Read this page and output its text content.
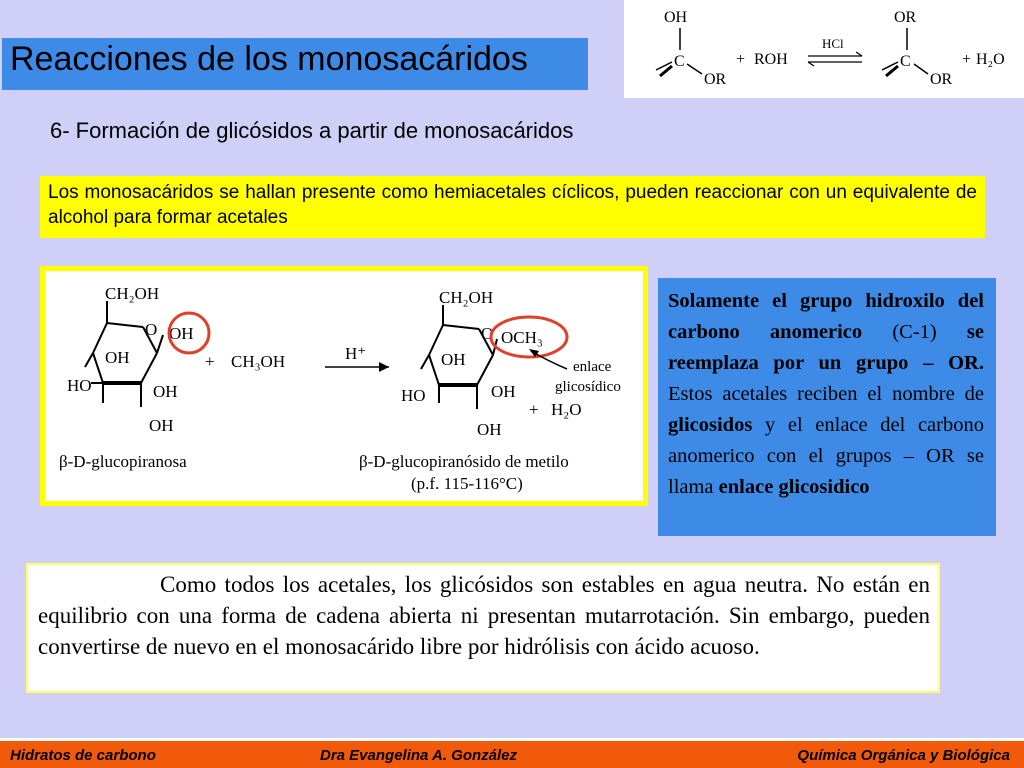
Reacciones de los monosacáridos
OH
C
OR
+ ROH
HCl
OR
C
OR
+ H₂O
6- Formación de glicósidos a partir de monosacáridos
Los monosacáridos se hallan presente como hemiacetales cíclicos, pueden reaccionar con un equivalente de alcohol para formar acetales
CH₂OH
O OH
OH
HO	OH
OH
+ CH₃OH	H⁺
CH₂OH
O OCH₃
OH
HO	OH
OH
+ H₂O
enlace
glicosídico
β-D-glucopiranosa	β-D-glucopiranósido de metilo
(p.f. 115-116°C)
Solamente el grupo hidroxilo del carbono anomerico (C-1) se reemplaza por un grupo – OR. Estos acetales reciben el nombre de glicosidos y el enlace del carbono anomerico con el grupos – OR se llama enlace glicosidico
Como todos los acetales, los glicósidos son estables en agua neutra. No están en equilibrio con una forma de cadena abierta ni presentan mutarrotación. Sin embargo, pueden convertirse de nuevo en el monosacárido libre por hidrólisis con ácido acuoso.
Hidratos de carbono	Dra Evangelina A. González	Química Orgánica y Biológica
